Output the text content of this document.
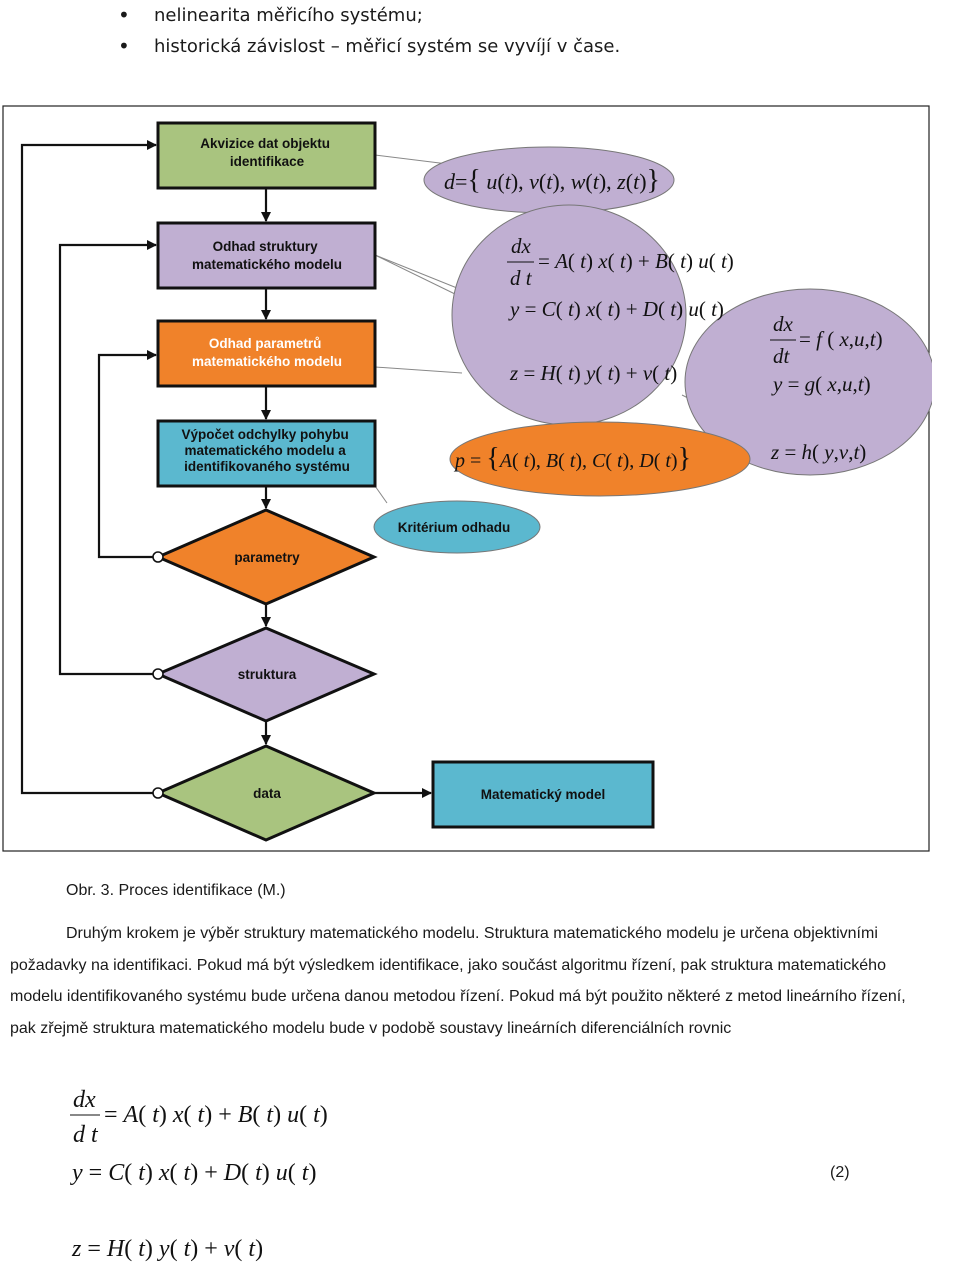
• nelinearita měřicího systému;
• historická závislost – měřicí systém se vyvíjí v čase.
Akvizice dat objektu identifikace
Odhad struktury matematického modelu
Odhad parametrů matematického modelu
Výpočet odchylky pohybu matematického modelu a identifikovaného systému
Matematický model
Kritérium odhadu
parametry
struktura
data
d={ u(t), v(t), w(t), z(t)}
dx
d t
= A( t) x( t) + B( t) u( t)
y = C( t) x( t) + D( t) u( t)
z = H( t) y( t) + v( t)
p = {A( t), B( t), C( t), D( t)}
dx
dt
= f ( x,u,t)
y = g( x,u,t)
z = h( y,v,t)
Obr. 3. Proces identifikace (M.)
Druhým krokem je výběr struktury matematického modelu. Struktura matematického modelu je určena objektivními požadavky na identifikaci. Pokud má být výsledkem identifikace, jako součást algoritmu řízení, pak struktura matematického modelu identifikovaného systému bude určena danou metodou řízení. Pokud má být použito některé z metod lineárního řízení, pak zřejmě struktura matematického modelu bude v podobě soustavy lineárních diferenciálních rovnic
dx
d t
= A( t) x( t) + B( t) u( t)
y = C( t) x( t) + D( t) u( t)
z = H( t) y( t) + v( t)
(2)
